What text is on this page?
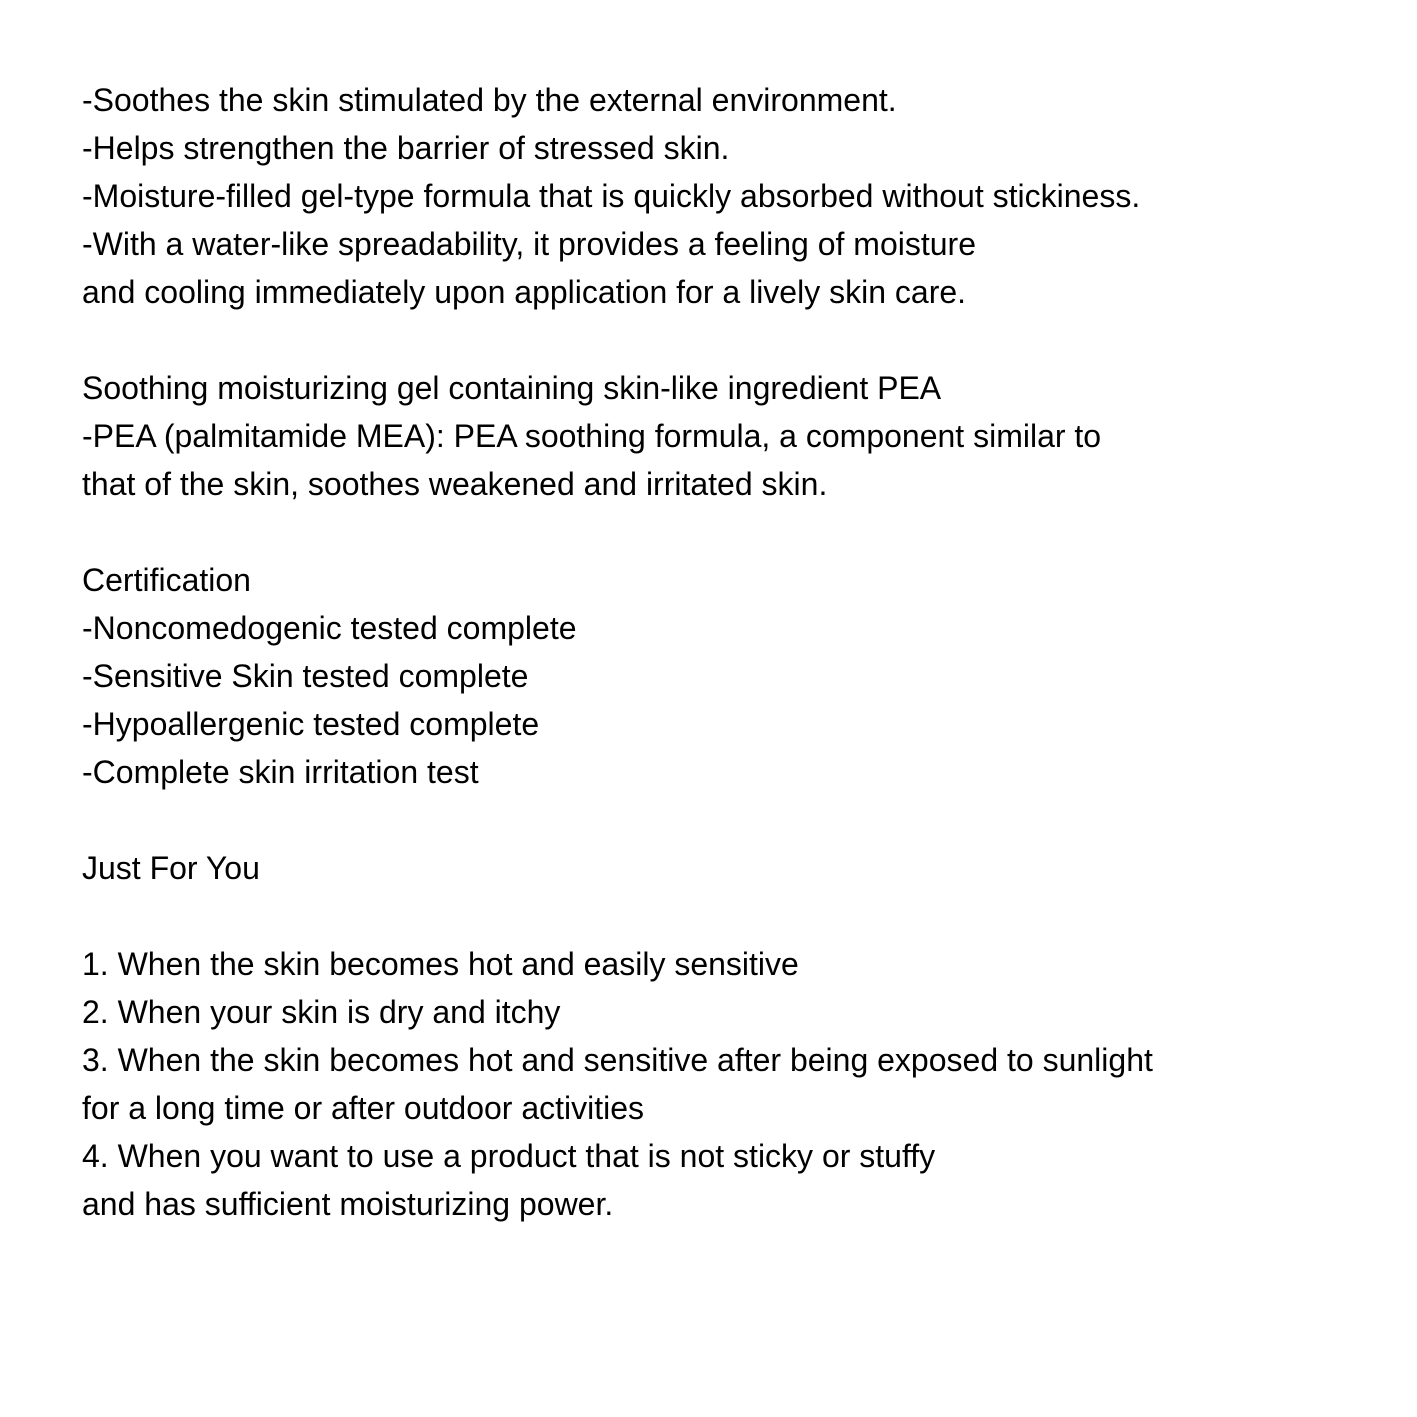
-Soothes the skin stimulated by the external environment.
-Helps strengthen the barrier of stressed skin.
-Moisture-filled gel-type formula that is quickly absorbed without stickiness.
-With a water-like spreadability, it provides a feeling of moisture
and cooling immediately upon application for a lively skin care.
Soothing moisturizing gel containing skin-like ingredient PEA
-PEA (palmitamide MEA): PEA soothing formula, a component similar to
that of the skin, soothes weakened and irritated skin.
Certification
-Noncomedogenic tested complete
-Sensitive Skin tested complete
-Hypoallergenic tested complete
-Complete skin irritation test
Just For You
1. When the skin becomes hot and easily sensitive
2. When your skin is dry and itchy
3. When the skin becomes hot and sensitive after being exposed to sunlight
for a long time or after outdoor activities
4. When you want to use a product that is not sticky or stuffy
and has sufficient moisturizing power.
